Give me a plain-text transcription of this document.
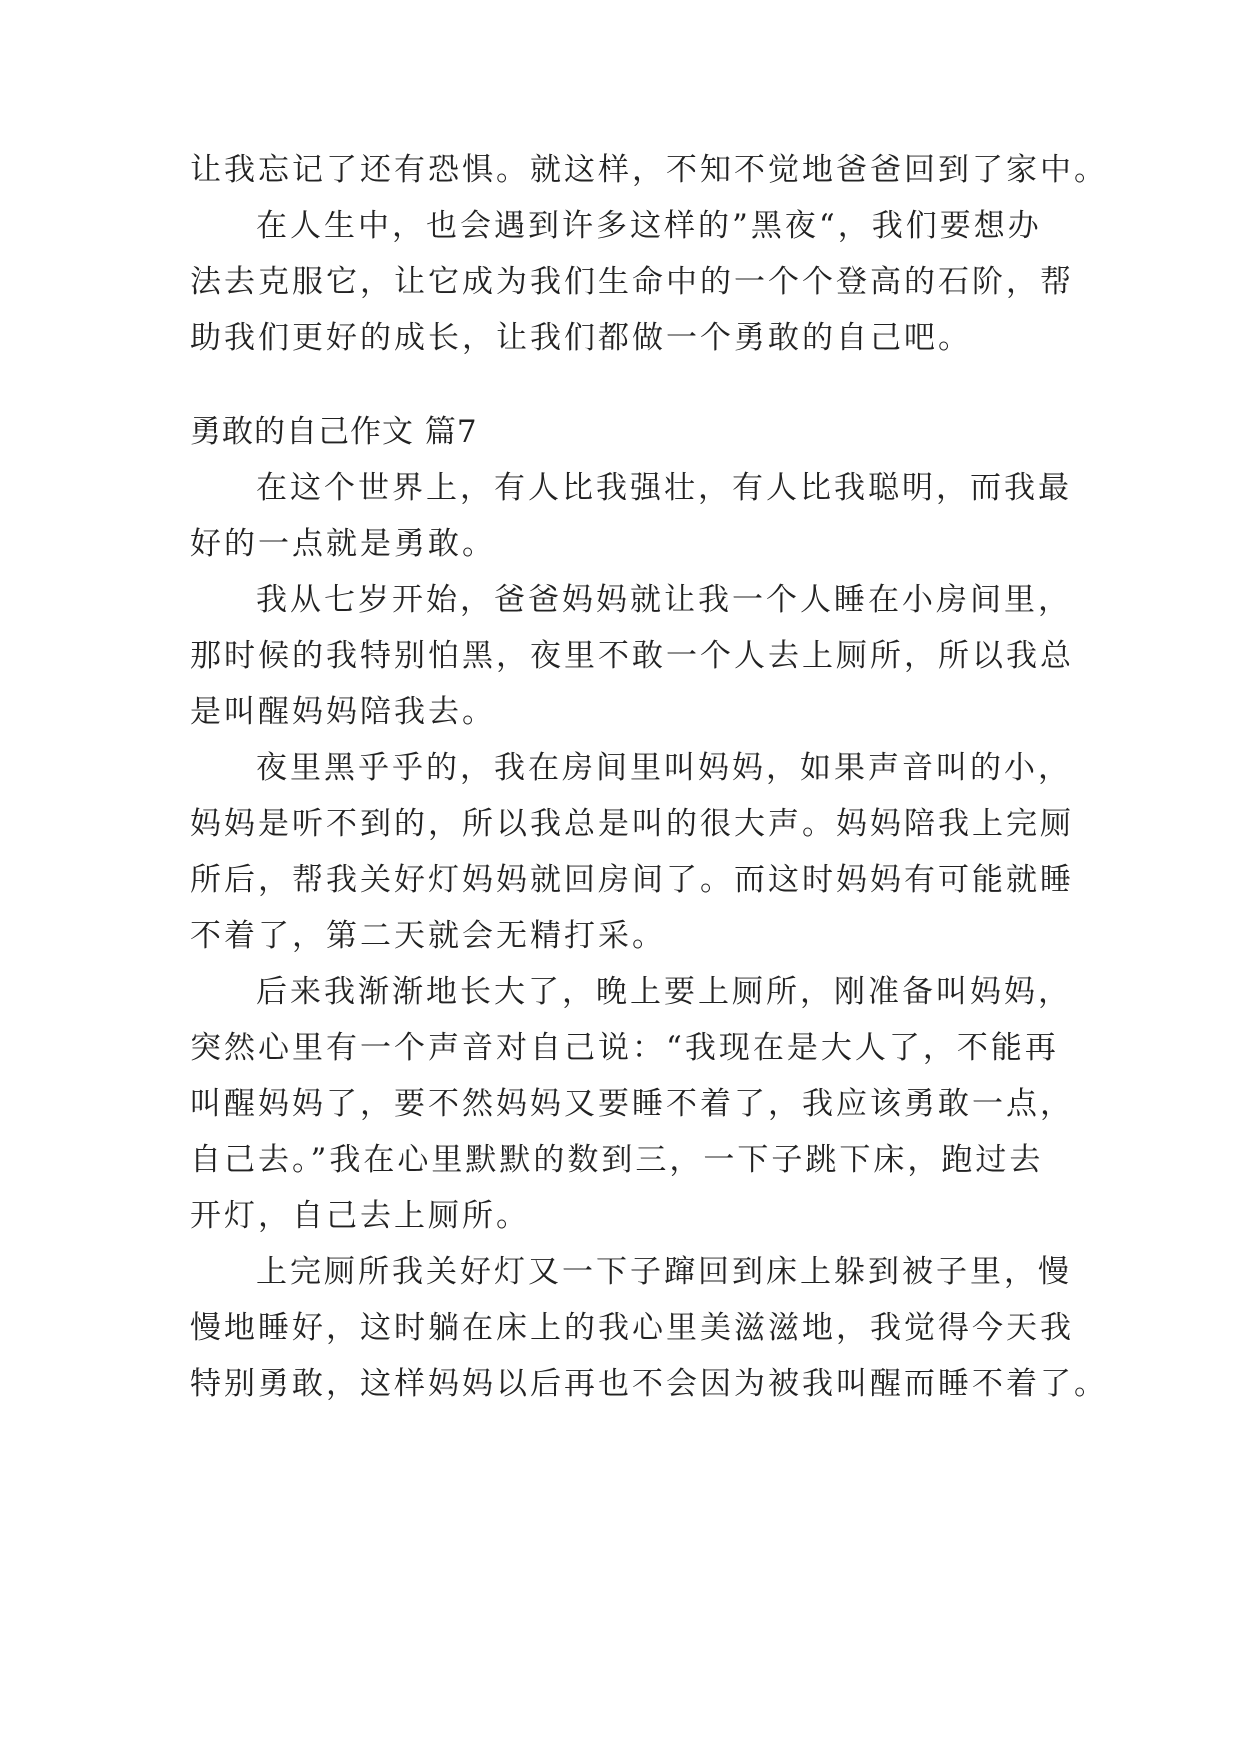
让我忘记了还有恐惧。就这样，不知不觉地爸爸回到了家中。
在人生中，也会遇到许多这样的”黑夜“，我们要想办
法去克服它，让它成为我们生命中的一个个登高的石阶，帮
助我们更好的成长，让我们都做一个勇敢的自己吧。
勇敢的自己作文 篇7
在这个世界上，有人比我强壮，有人比我聪明，而我最
好的一点就是勇敢。
我从七岁开始，爸爸妈妈就让我一个人睡在小房间里，
那时候的我特别怕黑，夜里不敢一个人去上厕所，所以我总
是叫醒妈妈陪我去。
夜里黑乎乎的，我在房间里叫妈妈，如果声音叫的小，
妈妈是听不到的，所以我总是叫的很大声。妈妈陪我上完厕
所后，帮我关好灯妈妈就回房间了。而这时妈妈有可能就睡
不着了，第二天就会无精打采。
后来我渐渐地长大了，晚上要上厕所，刚准备叫妈妈，
突然心里有一个声音对自己说：“我现在是大人了，不能再
叫醒妈妈了，要不然妈妈又要睡不着了，我应该勇敢一点，
自己去。”我在心里默默的数到三，一下子跳下床，跑过去
开灯，自己去上厕所。
上完厕所我关好灯又一下子蹿回到床上躲到被子里，慢
慢地睡好，这时躺在床上的我心里美滋滋地，我觉得今天我
特别勇敢，这样妈妈以后再也不会因为被我叫醒而睡不着了。
